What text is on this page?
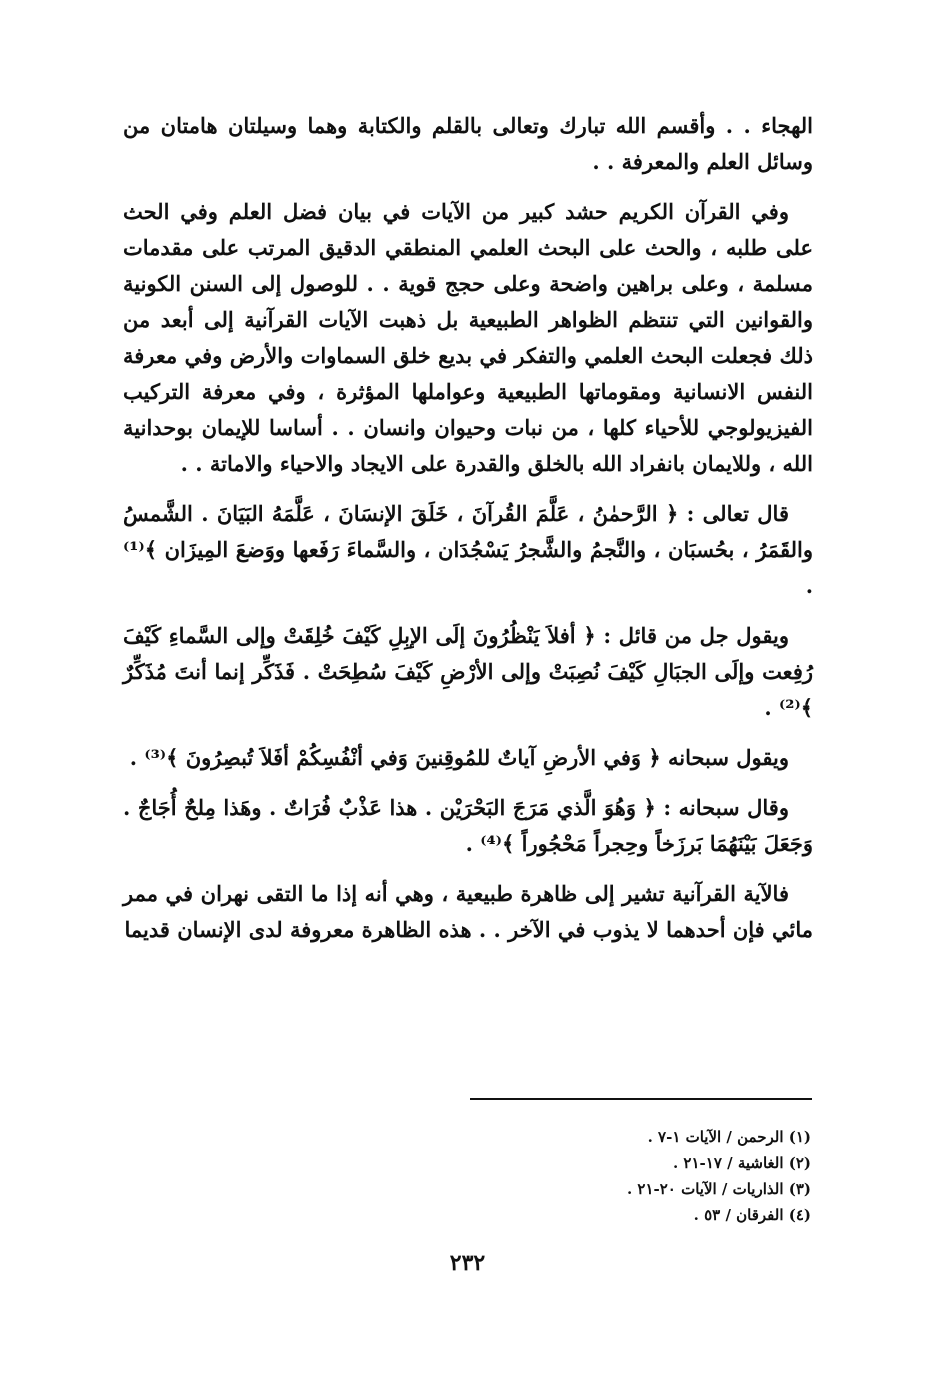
الهجاء . . وأقسم الله تبارك وتعالى بالقلم والكتابة وهما وسيلتان هامتان من وسائل العلم والمعرفة . .

وفي القرآن الكريم حشد كبير من الآيات في بيان فضل العلم وفي الحث على طلبه ، والحث على البحث العلمي المنطقي الدقيق المرتب على مقدمات مسلمة ، وعلى براهين واضحة وعلى حجج قوية . . للوصول إلى السنن الكونية والقوانين التي تنتظم الظواهر الطبيعية بل ذهبت الآيات القرآنية إلى أبعد من ذلك فجعلت البحث العلمي والتفكر في بديع خلق السماوات والأرض وفي معرفة النفس الانسانية ومقوماتها الطبيعية وعواملها المؤثرة ، وفي معرفة التركيب الفيزيولوجي للأحياء كلها ، من نبات وحيوان وانسان . . أساسا للإيمان بوحدانية الله ، وللايمان بانفراد الله بالخلق والقدرة على الايجاد والاحياء والاماتة . .

قال تعالى : ﴿ الرَّحمٰنُ ، عَلَّمَ القُرآنَ ، خَلَقَ الإنسَانَ ، عَلَّمَهُ البَيَانَ . الشَّمسُ والقَمَرُ ، بحُسبَان ، والنَّجمُ والشَّجرُ يَسْجُدَان ، والسَّماءَ رَفَعها ووَضعَ المِيزَان ﴾⁽¹⁾ .

ويقول جل من قائل : ﴿ أفلاَ يَنْظُرُونَ إلَى الإبِلِ كَيْفَ خُلِقَتْ وإلى السَّماءِ كَيْفَ رُفِعت وإلَى الجبَالِ كَيْفَ نُصِبَتْ وإلى الأرْضِ كَيْفَ سُطِحَتْ . فَذَكِّر إنما أنتَ مُذَكِّرٌ ﴾⁽²⁾ .

ويقول سبحانه ﴿ وَفي الأرضِ آياتٌ للمُوقِنينَ وَفي أنْفُسِكُمْ أفَلاَ تُبصِرُونَ ﴾⁽³⁾ .

وقال سبحانه : ﴿ وَهُوَ الَّذي مَرَجَ البَحْرَيْن . هذا عَذْبٌ فُرَاتٌ . وهَذا مِلحٌ أُجَاجٌ . وَجَعَلَ بَيْنَهُمَا بَرزَخاً وحِجراً مَحْجُوراً ﴾⁽⁴⁾ .

فالآية القرآنية تشير إلى ظاهرة طبيعية ، وهي أنه إذا ما التقى نهران في ممر مائي فإن أحدهما لا يذوب في الآخر . . هذه الظاهرة معروفة لدى الإنسان قديما

(١) الرحمن / الآيات ١-٧ .

(٢) الغاشية / ١٧-٢١ .

(٣) الذاريات / الآيات ٢٠-٢١ .

(٤) الفرقان / ٥٣ .

٢٣٢
